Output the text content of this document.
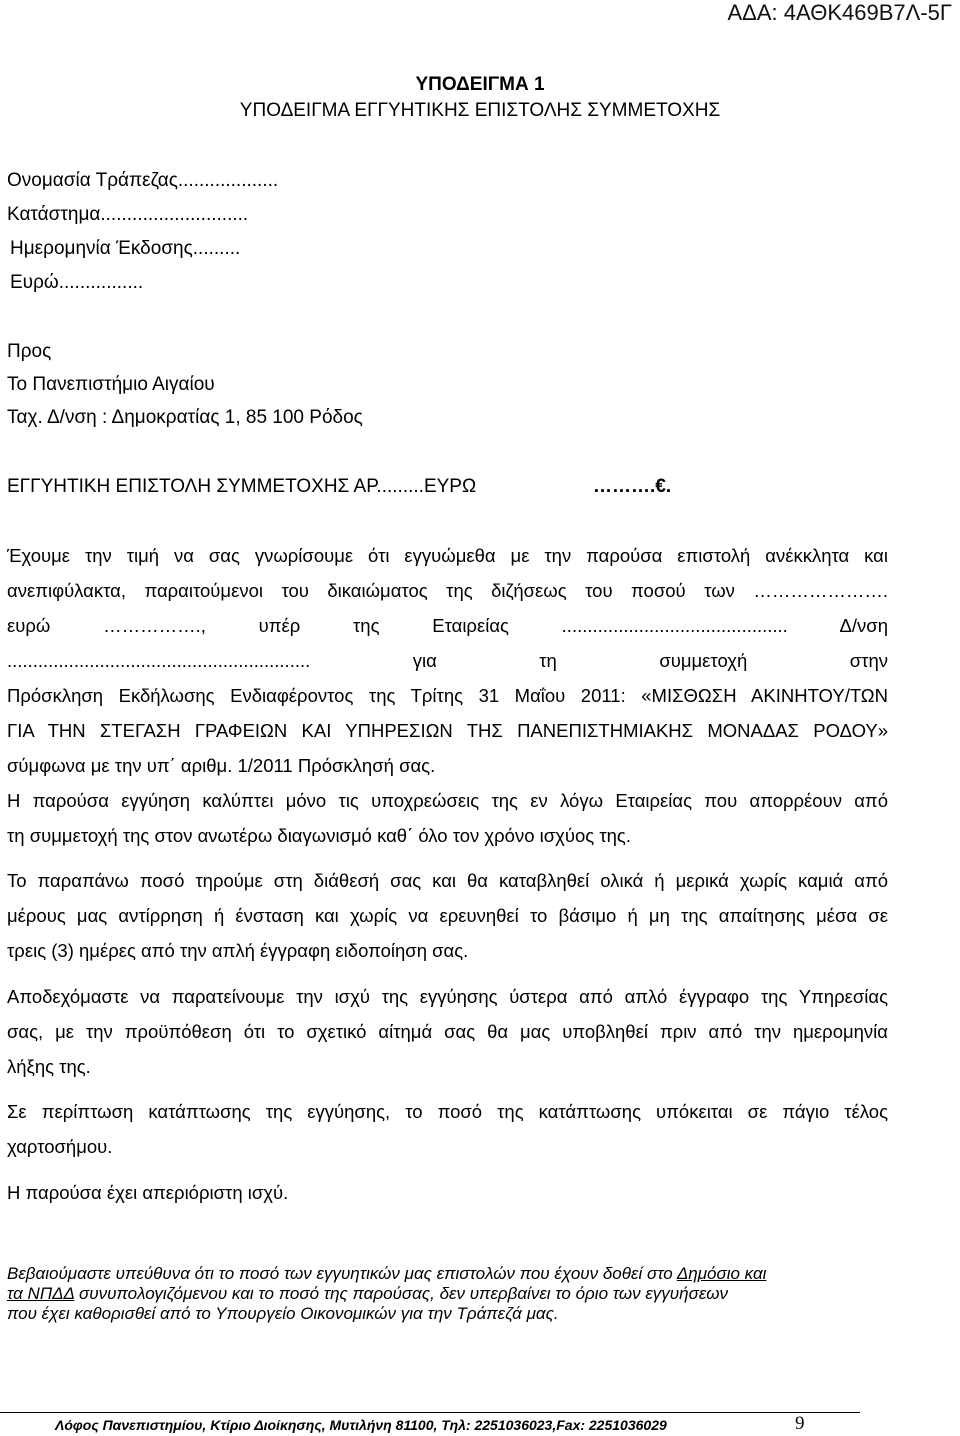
ΑΔΑ: 4ΑΘΚ469Β7Λ-5Γ
ΥΠΟΔΕΙΓΜΑ 1
ΥΠΟΔΕΙΓΜΑ ΕΓΓΥΗΤΙΚΗΣ ΕΠΙΣΤΟΛΗΣ ΣΥΜΜΕΤΟΧΗΣ
Ονομασία Τράπεζας...................
Κατάστημα............................
Ημερομηνία Έκδοσης.........
Ευρώ................
Προς
Το Πανεπιστήμιο Αιγαίου
Ταχ. Δ/νση : Δημοκρατίας 1, 85 100 Ρόδος
ΕΓΓΥΗΤΙΚΗ ΕΠΙΣΤΟΛΗ ΣΥΜΜΕΤΟΧΗΣ ΑΡ.........ΕΥΡΩ	……….€.
Έχουμε την τιμή να σας γνωρίσουμε ότι εγγυώμεθα με την παρούσα επιστολή ανέκκλητα και
ανεπιφύλακτα, παραιτούμενοι του δικαιώματος της διζήσεως του ποσού των ………………….
ευρώ ……………., υπέρ της Εταιρείας ............................................ Δ/νση
........................................................... για τη συμμετοχή στην
Πρόσκληση Εκδήλωσης Ενδιαφέροντος της Τρίτης 31 Μαΐου 2011: «ΜΙΣΘΩΣΗ ΑΚΙΝΗΤΟΥ/ΤΩΝ
ΓΙΑ ΤΗΝ ΣΤΕΓΑΣΗ ΓΡΑΦΕΙΩΝ ΚΑΙ ΥΠΗΡΕΣΙΩΝ ΤΗΣ ΠΑΝΕΠΙΣΤΗΜΙΑΚΗΣ ΜΟΝΑΔΑΣ ΡΟΔΟΥ»
σύμφωνα με την υπ΄ αριθμ. 1/2011 Πρόσκλησή σας.
Η παρούσα εγγύηση καλύπτει μόνο τις υποχρεώσεις της εν λόγω Εταιρείας που απορρέουν από
τη συμμετοχή της στον ανωτέρω διαγωνισμό καθ΄ όλο τον χρόνο ισχύος της.
Το παραπάνω ποσό τηρούμε στη διάθεσή σας και θα καταβληθεί ολικά ή μερικά χωρίς καμιά από
μέρους μας αντίρρηση ή ένσταση και χωρίς να ερευνηθεί το βάσιμο ή μη της απαίτησης μέσα σε
τρεις (3) ημέρες από την απλή έγγραφη ειδοποίηση σας.
Αποδεχόμαστε να παρατείνουμε την ισχύ της εγγύησης ύστερα από απλό έγγραφο της Υπηρεσίας
σας, με την προϋπόθεση ότι το σχετικό αίτημά σας θα μας υποβληθεί πριν από την ημερομηνία
λήξης της.
Σε περίπτωση κατάπτωσης της εγγύησης, το ποσό της κατάπτωσης υπόκειται σε πάγιο τέλος
χαρτοσήμου.
Η παρούσα έχει απεριόριστη ισχύ.
Βεβαιούμαστε υπεύθυνα ότι το ποσό των εγγυητικών μας επιστολών που έχουν δοθεί στο Δημόσιο και
τα ΝΠΔΔ συνυπολογιζόμενου και το ποσό της παρούσας, δεν υπερβαίνει το όριο των εγγυήσεων
που έχει καθορισθεί από το Υπουργείο Οικονομικών για την Τράπεζά μας.
Λόφος Πανεπιστημίου, Κτίριο Διοίκησης, Μυτιλήνη 81100, Τηλ: 2251036023,Fax: 2251036029	9
